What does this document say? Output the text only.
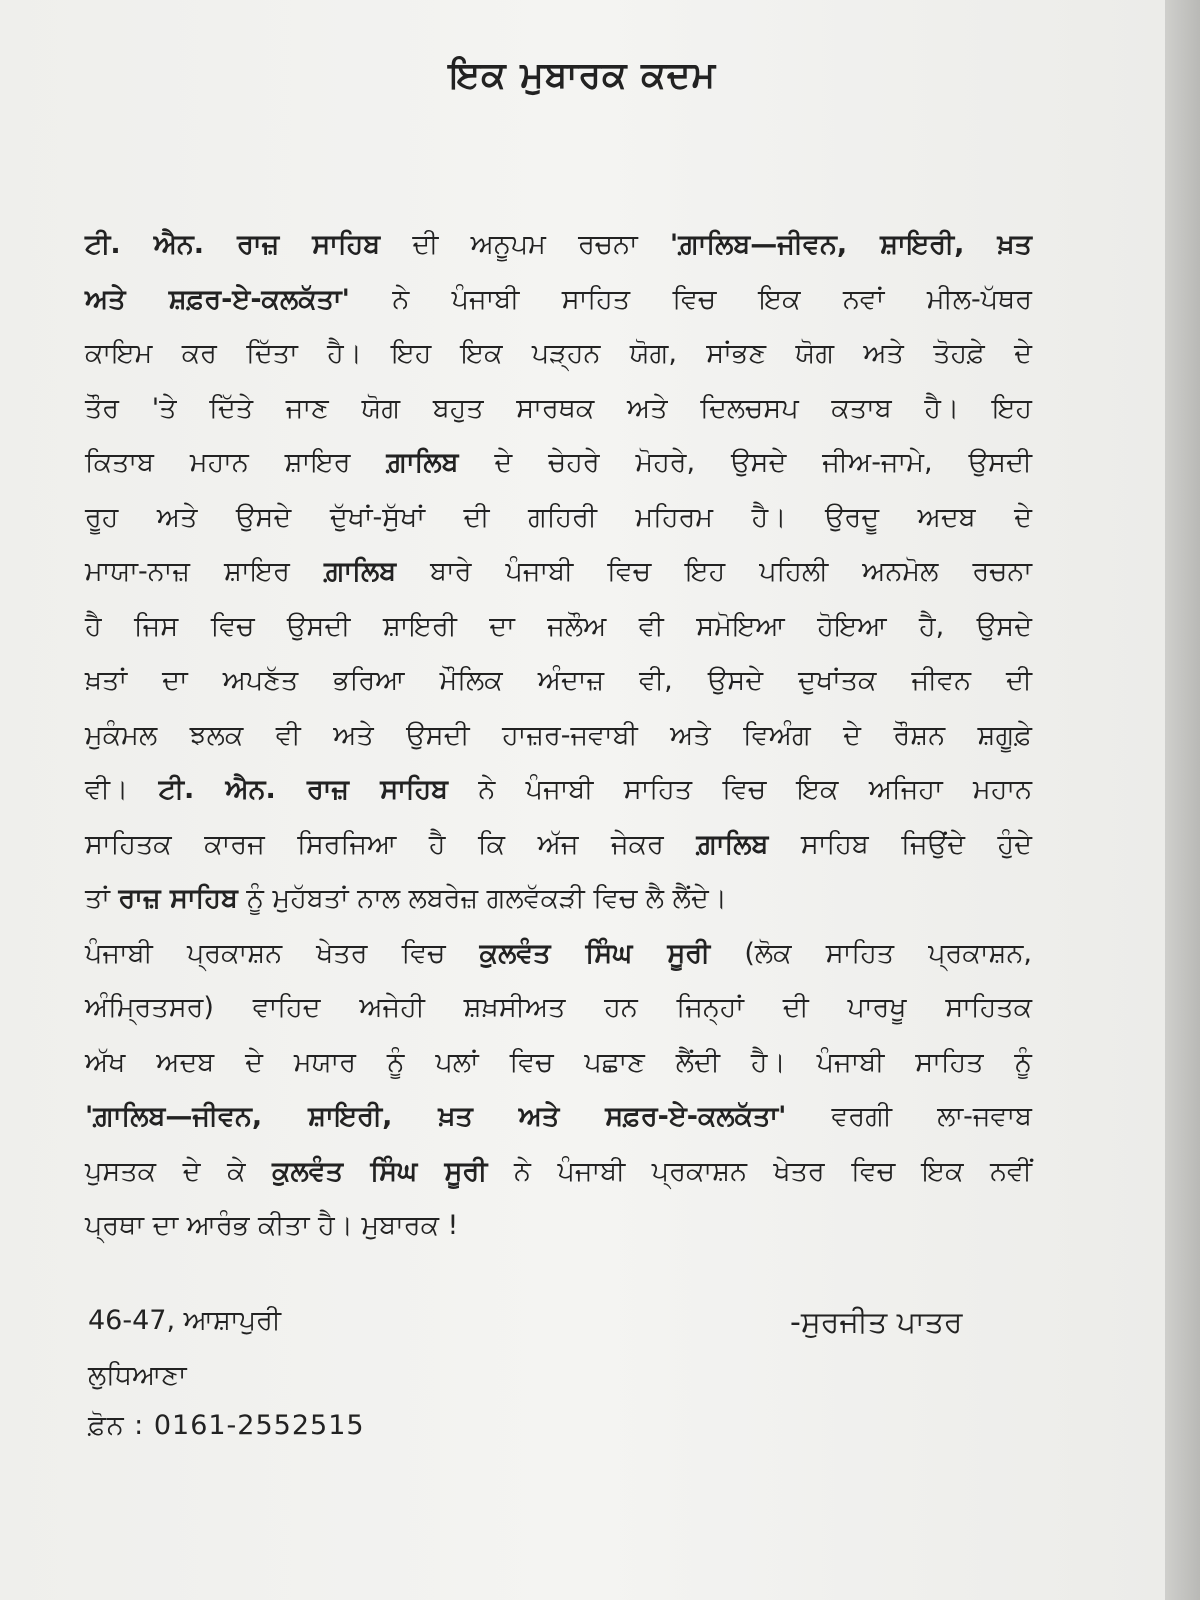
ਇਕ ਮੁਬਾਰਕ ਕਦਮ
ਟੀ. ਐਨ. ਰਾਜ਼ ਸਾਹਿਬ ਦੀ ਅਨੂਪਮ ਰਚਨਾ 'ਗ਼ਾਲਿਬ—ਜੀਵਨ, ਸ਼ਾਇਰੀ, ਖ਼ਤ
ਅਤੇ ਸ਼ਫ਼ਰ-ਏ-ਕਲਕੱਤਾ' ਨੇ ਪੰਜਾਬੀ ਸਾਹਿਤ ਵਿਚ ਇਕ ਨਵਾਂ ਮੀਲ-ਪੱਥਰ
ਕਾਇਮ ਕਰ ਦਿੱਤਾ ਹੈ। ਇਹ ਇਕ ਪੜ੍ਹਨ ਯੋਗ, ਸਾਂਭਣ ਯੋਗ ਅਤੇ ਤੋਹਫ਼ੇ ਦੇ
ਤੌਰ 'ਤੇ ਦਿੱਤੇ ਜਾਣ ਯੋਗ ਬਹੁਤ ਸਾਰਥਕ ਅਤੇ ਦਿਲਚਸਪ ਕਤਾਬ ਹੈ। ਇਹ
ਕਿਤਾਬ ਮਹਾਨ ਸ਼ਾਇਰ ਗ਼ਾਲਿਬ ਦੇ ਚੇਹਰੇ ਮੋਹਰੇ, ਉਸਦੇ ਜੀਅ-ਜਾਮੇ, ਉਸਦੀ
ਰੂਹ ਅਤੇ ਉਸਦੇ ਦੁੱਖਾਂ-ਸੁੱਖਾਂ ਦੀ ਗਹਿਰੀ ਮਹਿਰਮ ਹੈ। ਉਰਦੂ ਅਦਬ ਦੇ
ਮਾਯਾ-ਨਾਜ਼ ਸ਼ਾਇਰ ਗ਼ਾਲਿਬ ਬਾਰੇ ਪੰਜਾਬੀ ਵਿਚ ਇਹ ਪਹਿਲੀ ਅਨਮੋਲ ਰਚਨਾ
ਹੈ ਜਿਸ ਵਿਚ ਉਸਦੀ ਸ਼ਾਇਰੀ ਦਾ ਜਲੌਅ ਵੀ ਸਮੋਇਆ ਹੋਇਆ ਹੈ, ਉਸਦੇ
ਖ਼ਤਾਂ ਦਾ ਅਪਣੱਤ ਭਰਿਆ ਮੌਲਿਕ ਅੰਦਾਜ਼ ਵੀ, ਉਸਦੇ ਦੁਖਾਂਤਕ ਜੀਵਨ ਦੀ
ਮੁਕੰਮਲ ਝਲਕ ਵੀ ਅਤੇ ਉਸਦੀ ਹਾਜ਼ਰ-ਜਵਾਬੀ ਅਤੇ ਵਿਅੰਗ ਦੇ ਰੌਸ਼ਨ ਸ਼ਗੂਫ਼ੇ
ਵੀ। ਟੀ. ਐਨ. ਰਾਜ਼ ਸਾਹਿਬ ਨੇ ਪੰਜਾਬੀ ਸਾਹਿਤ ਵਿਚ ਇਕ ਅਜਿਹਾ ਮਹਾਨ
ਸਾਹਿਤਕ ਕਾਰਜ ਸਿਰਜਿਆ ਹੈ ਕਿ ਅੱਜ ਜੇਕਰ ਗ਼ਾਲਿਬ ਸਾਹਿਬ ਜਿਉਂਦੇ ਹੁੰਦੇ
ਤਾਂ ਰਾਜ਼ ਸਾਹਿਬ ਨੂੰ ਮੁਹੱਬਤਾਂ ਨਾਲ ਲਬਰੇਜ਼ ਗਲਵੱਕੜੀ ਵਿਚ ਲੈ ਲੈਂਦੇ।
ਪੰਜਾਬੀ ਪ੍ਰਕਾਸ਼ਨ ਖੇਤਰ ਵਿਚ ਕੁਲਵੰਤ ਸਿੰਘ ਸੂਰੀ (ਲੋਕ ਸਾਹਿਤ ਪ੍ਰਕਾਸ਼ਨ,
ਅੰਮ੍ਰਿਤਸਰ) ਵਾਹਿਦ ਅਜੇਹੀ ਸ਼ਖ਼ਸੀਅਤ ਹਨ ਜਿਨ੍ਹਾਂ ਦੀ ਪਾਰਖੂ ਸਾਹਿਤਕ
ਅੱਖ ਅਦਬ ਦੇ ਮਯਾਰ ਨੂੰ ਪਲਾਂ ਵਿਚ ਪਛਾਣ ਲੈਂਦੀ ਹੈ। ਪੰਜਾਬੀ ਸਾਹਿਤ ਨੂੰ
'ਗ਼ਾਲਿਬ—ਜੀਵਨ, ਸ਼ਾਇਰੀ, ਖ਼ਤ ਅਤੇ ਸਫ਼ਰ-ਏ-ਕਲਕੱਤਾ' ਵਰਗੀ ਲਾ-ਜਵਾਬ
ਪੁਸਤਕ ਦੇ ਕੇ ਕੁਲਵੰਤ ਸਿੰਘ ਸੂਰੀ ਨੇ ਪੰਜਾਬੀ ਪ੍ਰਕਾਸ਼ਨ ਖੇਤਰ ਵਿਚ ਇਕ ਨਵੀਂ
ਪ੍ਰਥਾ ਦਾ ਆਰੰਭ ਕੀਤਾ ਹੈ। ਮੁਬਾਰਕ !
46-47, ਆਸ਼ਾਪੁਰੀ
ਲੁਧਿਆਣਾ
ਫ਼ੋਨ : 0161-2552515
-ਸੁਰਜੀਤ ਪਾਤਰ
